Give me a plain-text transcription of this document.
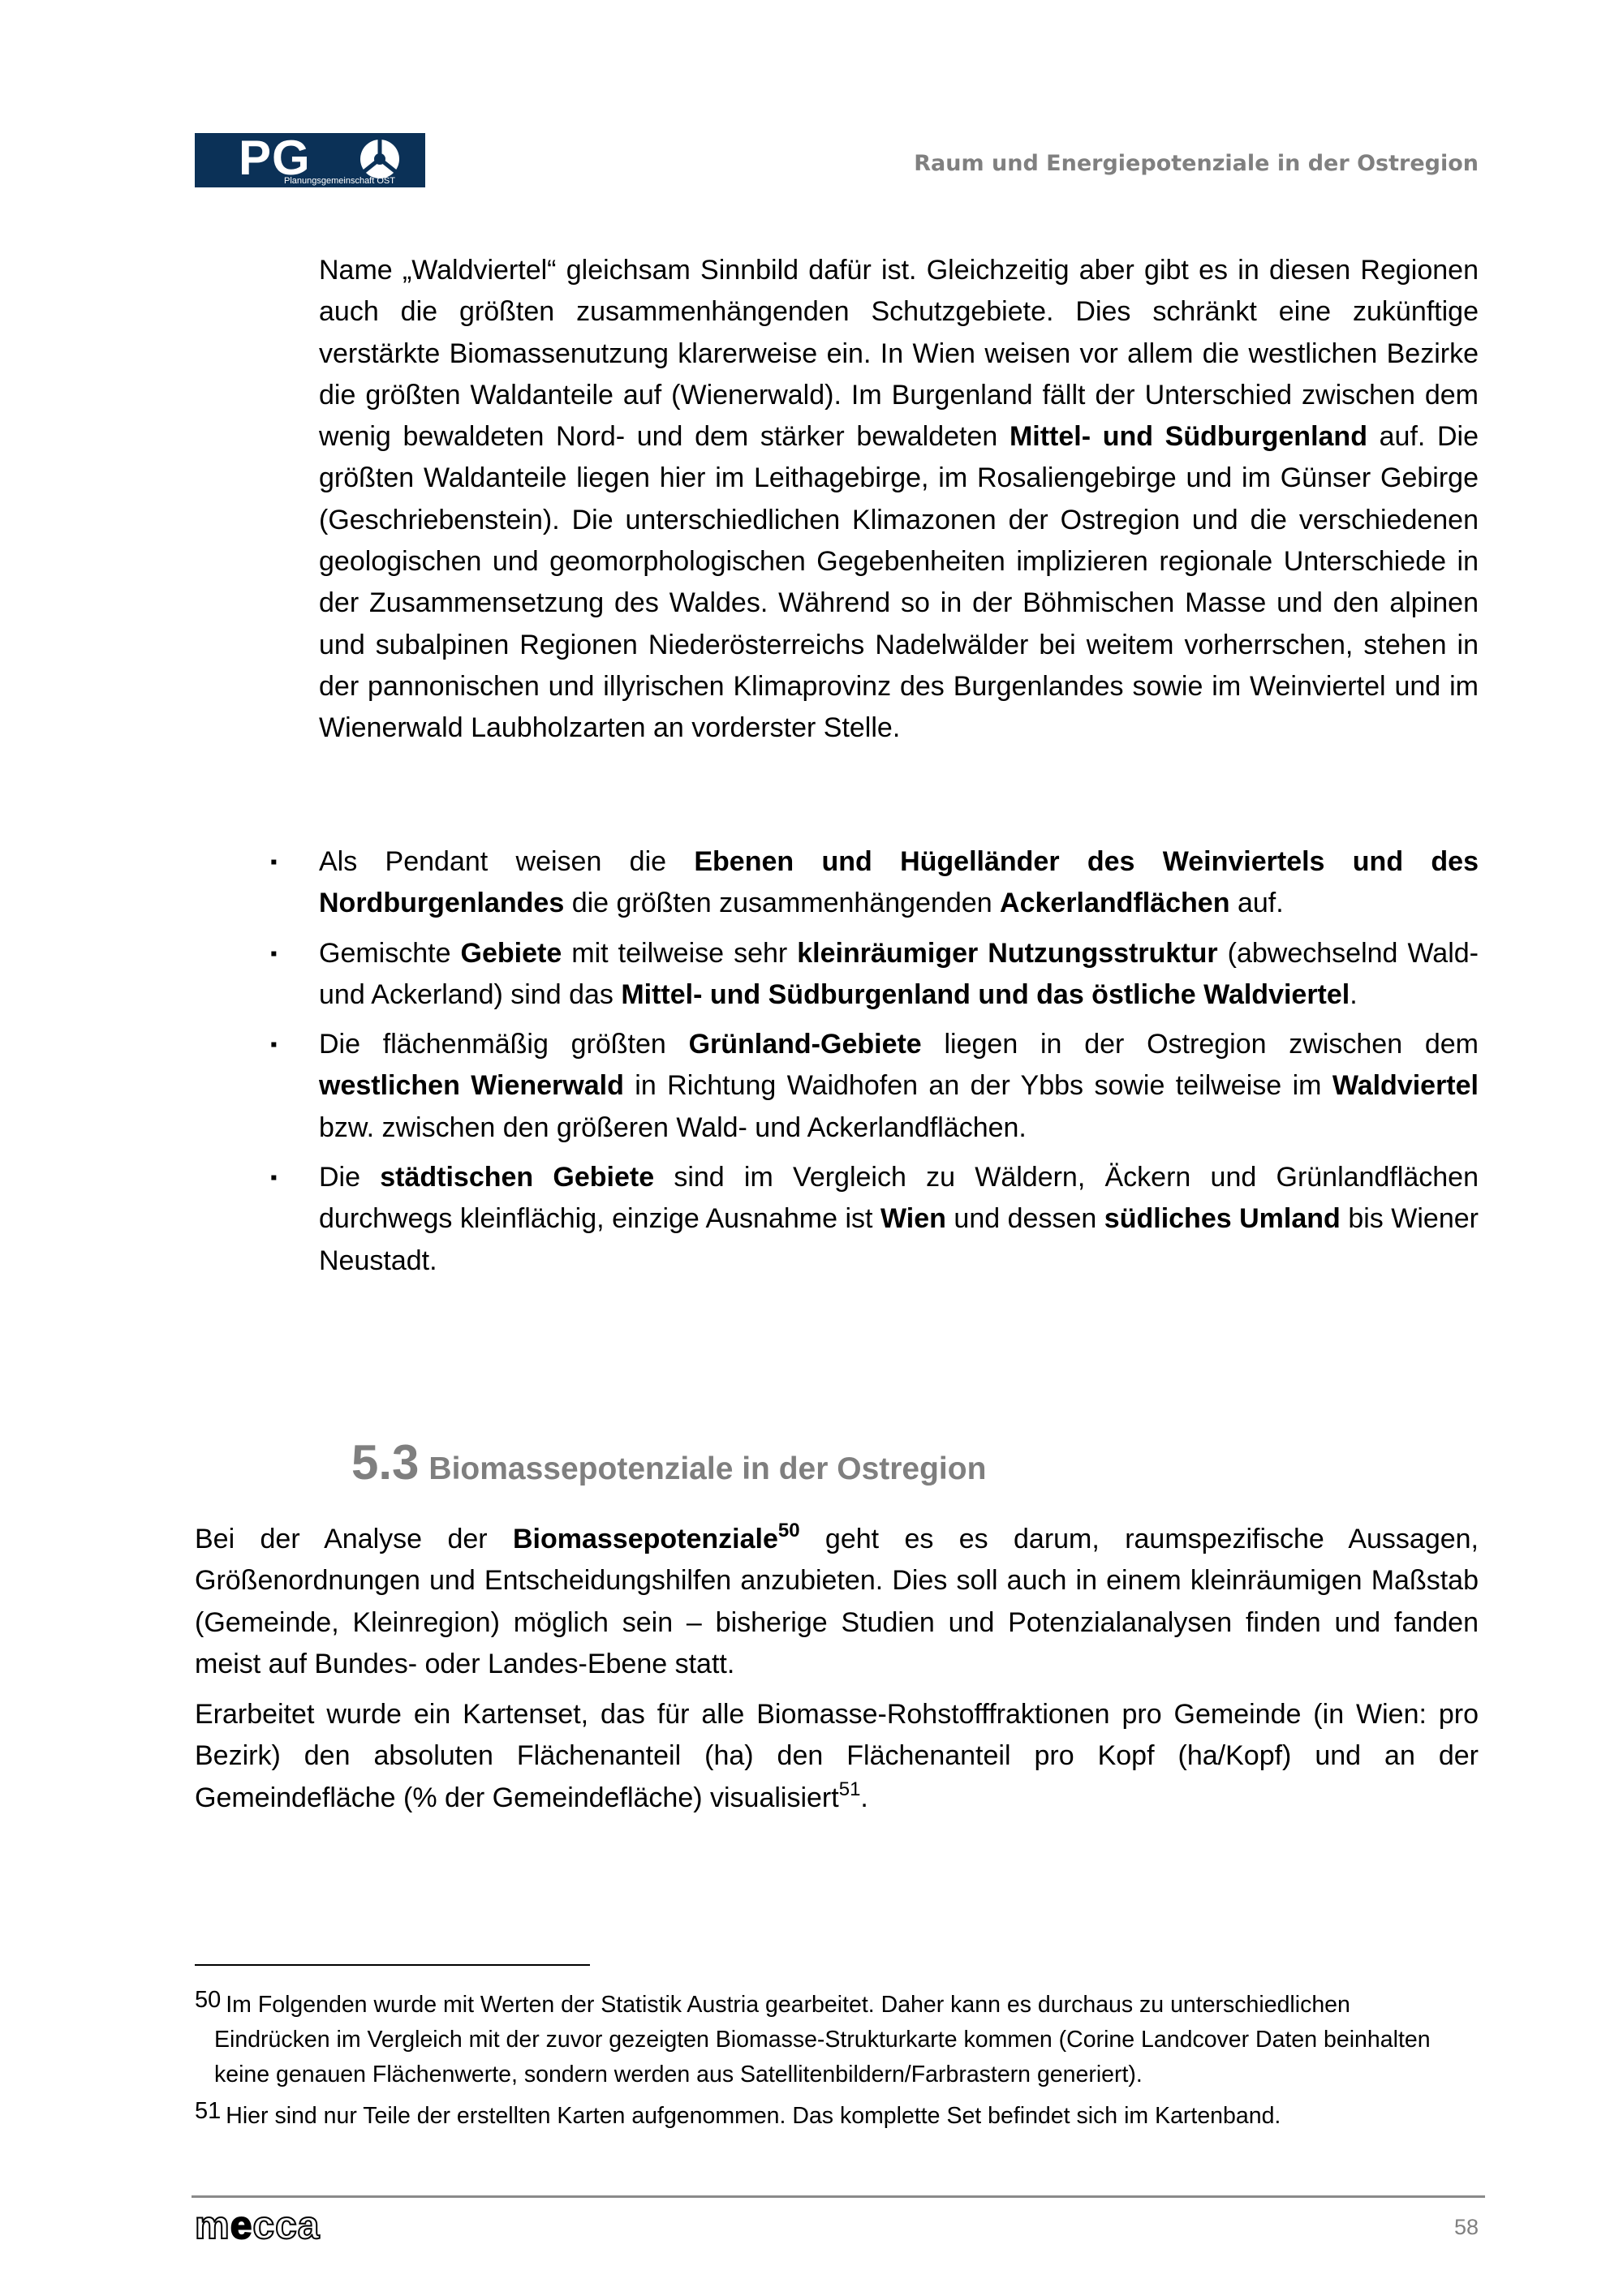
PG
Planungsgemeinschaft OST
Raum und Energiepotenziale in der Ostregion
Name „Waldviertel“ gleichsam Sinnbild dafür ist. Gleichzeitig aber gibt es in diesen Regionen auch die größten zusammenhängenden Schutzgebiete. Dies schränkt eine zukünftige verstärkte Biomassenutzung klarerweise ein. In Wien weisen vor allem die westlichen Bezirke die größten Waldanteile auf (Wienerwald). Im Burgenland fällt der Unterschied zwischen dem wenig bewaldeten Nord- und dem stärker bewaldeten Mittel- und Südburgenland auf. Die größten Waldanteile liegen hier im Leithagebirge, im Rosaliengebirge und im Günser Gebirge (Geschriebenstein). Die unterschiedlichen Klimazonen der Ostregion und die verschiedenen geologischen und geomorphologischen Gegebenheiten implizieren regionale Unterschiede in der Zusammensetzung des Waldes. Während so in der Böhmischen Masse und den alpinen und subalpinen Regionen Niederösterreichs Nadelwälder bei weitem vorherrschen, stehen in der pannonischen und illyrischen Klimaprovinz des Burgenlandes sowie im Weinviertel und im Wienerwald Laubholzarten an vorderster Stelle.
▪ Als Pendant weisen die Ebenen und Hügelländer des Weinviertels und des Nordburgenlandes die größten zusammenhängenden Ackerlandflächen auf.
▪ Gemischte Gebiete mit teilweise sehr kleinräumiger Nutzungsstruktur (abwechselnd Wald- und Ackerland) sind das Mittel- und Südburgenland und das östliche Waldviertel.
▪ Die flächenmäßig größten Grünland-Gebiete liegen in der Ostregion zwischen dem westlichen Wienerwald in Richtung Waidhofen an der Ybbs sowie teilweise im Waldviertel bzw. zwischen den größeren Wald- und Ackerlandflächen.
▪ Die städtischen Gebiete sind im Vergleich zu Wäldern, Äckern und Grünlandflächen durchwegs kleinflächig, einzige Ausnahme ist Wien und dessen südliches Umland bis Wiener Neustadt.
5.3 Biomassepotenziale in der Ostregion
Bei der Analyse der Biomassepotenziale$^{50}$ geht es es darum, raumspezifische Aussagen, Größenordnungen und Entscheidungshilfen anzubieten. Dies soll auch in einem kleinräumigen Maßstab (Gemeinde, Kleinregion) möglich sein – bisherige Studien und Potenzialanalysen finden und fanden meist auf Bundes- oder Landes-Ebene statt.
Erarbeitet wurde ein Kartenset, das für alle Biomasse-Rohstofffraktionen pro Gemeinde (in Wien: pro Bezirk) den absoluten Flächenanteil (ha) den Flächenanteil pro Kopf (ha/Kopf) und an der Gemeindefläche (% der Gemeindefläche) visualisiert$^{51}$.
50 Im Folgenden wurde mit Werten der Statistik Austria gearbeitet. Daher kann es durchaus zu unterschiedlichen
Eindrücken im Vergleich mit der zuvor gezeigten Biomasse-Strukturkarte kommen (Corine Landcover Daten beinhalten keine genauen Flächenwerte, sondern werden aus Satellitenbildern/Farbrastern generiert).
51 Hier sind nur Teile der erstellten Karten aufgenommen. Das komplette Set befindet sich im Kartenband.
mecca	58
